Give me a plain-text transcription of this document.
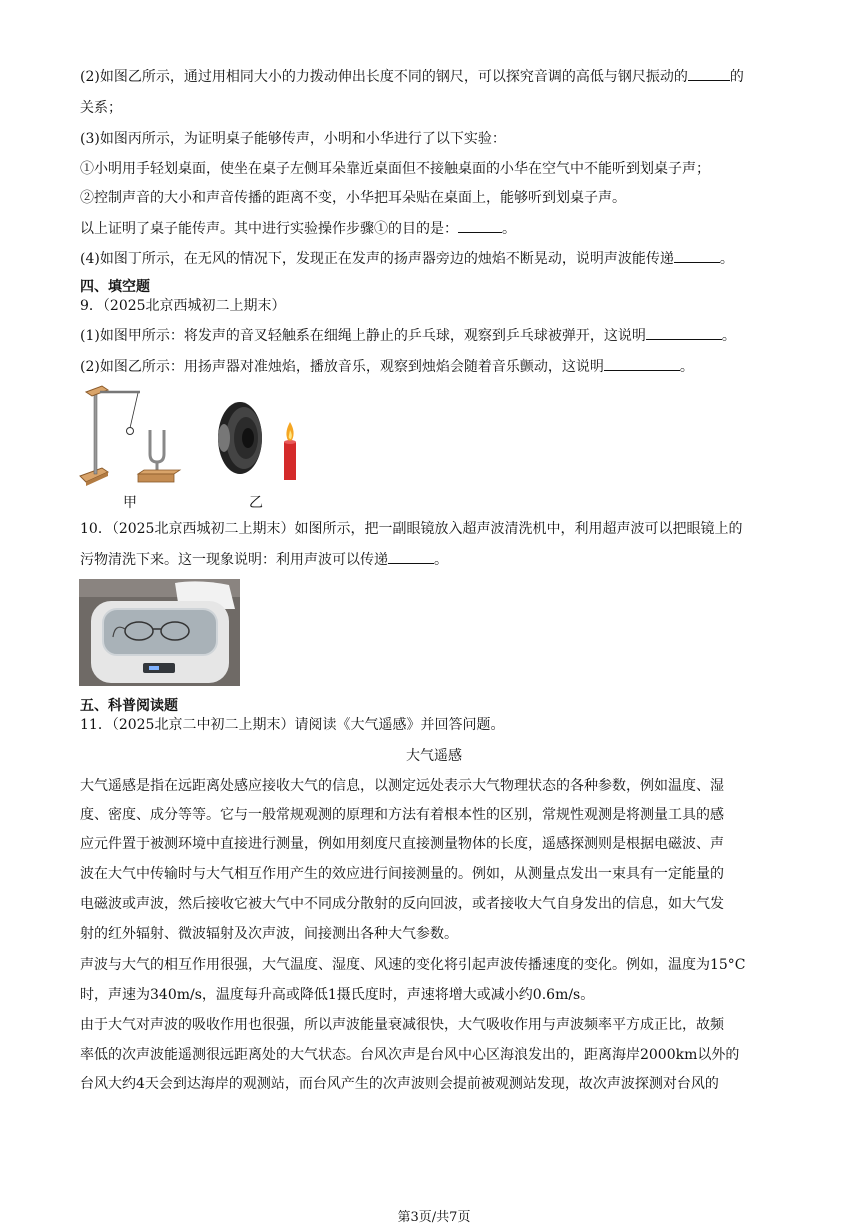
(2)如图乙所示，通过用相同大小的力拨动伸出长度不同的钢尺，可以探究音调的高低与钢尺振动的	的
关系；
(3)如图丙所示，为证明桌子能够传声，小明和小华进行了以下实验：
①小明用手轻划桌面，使坐在桌子左侧耳朵靠近桌面但不接触桌面的小华在空气中不能听到划桌子声；
②控制声音的大小和声音传播的距离不变，小华把耳朵贴在桌面上，能够听到划桌子声。
以上证明了桌子能传声。其中进行实验操作步骤①的目的是：	。
(4)如图丁所示，在无风的情况下，发现正在发声的扬声器旁边的烛焰不断晃动，说明声波能传递	。
四、填空题
9．（2025北京西城初二上期末）
(1)如图甲所示：将发声的音叉轻触系在细绳上静止的乒乓球，观察到乒乓球被弹开，这说明	。
(2)如图乙所示：用扬声器对准烛焰，播放音乐，观察到烛焰会随着音乐颤动，这说明	。
甲	乙
10．（2025北京西城初二上期末）如图所示，把一副眼镜放入超声波清洗机中，利用超声波可以把眼镜上的
污物清洗下来。这一现象说明：利用声波可以传递	。
五、科普阅读题
11．（2025北京二中初二上期末）请阅读《大气遥感》并回答问题。
大气遥感
大气遥感是指在远距离处感应接收大气的信息，以测定远处表示大气物理状态的各种参数，例如温度、湿
度、密度、成分等等。它与一般常规观测的原理和方法有着根本性的区别，常规性观测是将测量工具的感
应元件置于被测环境中直接进行测量，例如用刻度尺直接测量物体的长度，遥感探测则是根据电磁波、声
波在大气中传输时与大气相互作用产生的效应进行间接测量的。例如，从测量点发出一束具有一定能量的
电磁波或声波，然后接收它被大气中不同成分散射的反向回波，或者接收大气自身发出的信息，如大气发
射的红外辐射、微波辐射及次声波，间接测出各种大气参数。
声波与大气的相互作用很强，大气温度、湿度、风速的变化将引起声波传播速度的变化。例如，温度为15°C
时，声速为340m/s，温度每升高或降低1摄氏度时，声速将增大或减小约0.6m/s。
由于大气对声波的吸收作用也很强，所以声波能量衰减很快，大气吸收作用与声波频率平方成正比，故频
率低的次声波能遥测很远距离处的大气状态。台风次声是台风中心区海浪发出的，距离海岸2000km以外的
台风大约4天会到达海岸的观测站，而台风产生的次声波则会提前被观测站发现，故次声波探测对台风的
第3页/共7页
